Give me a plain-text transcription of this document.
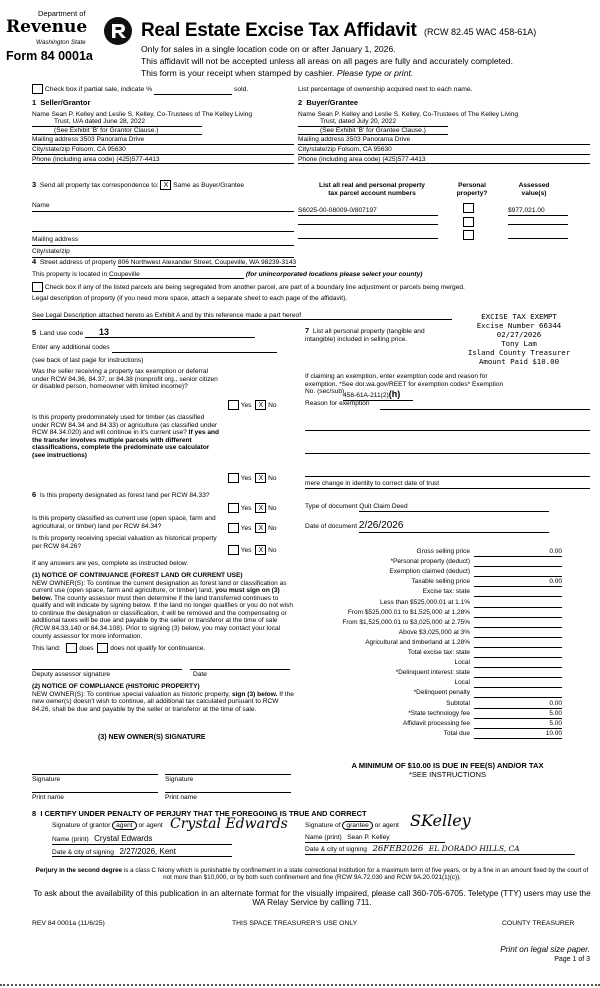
Department of
Revenue
Washington State
Form 84 0001a
Real Estate Excise Tax Affidavit (RCW 82.45 WAC 458-61A)
Only for sales in a single location code on or after January 1, 2026.
This affidavit will not be accepted unless all areas on all pages are fully and accurately completed.
This form is your receipt when stamped by cashier. Please type or print.
Check box if partial sale, indicate %	sold.	List percentage of ownership acquired next to each name.
1 Seller/Grantor
Name Sean P. Kelley and Leslie S. Kelley, Co-Trustees of The Kelley Living
Trust, U/A dated June 28, 2022
(See Exhibit 'B' for Grantor Clause.)
Mailing address 3503 Panorama Drive
City/state/zip Folsom, CA 95630
Phone (including area code) (425)577-4413
2 Buyer/Grantee
Name Sean P. Kelley and Leslie S. Kelley, Co-Trustees of The Kelley Living
Trust, dated July 20, 2022
(See Exhibit 'B' for Grantee Clause.)
Mailing address 3503 Panorama Drive
City/state/zip Folsom, CA 95630
Phone (including area code) (425)577-4413
3 Send all property tax correspondence to: X Same as Buyer/Grantee
Name
Mailing address
City/state/zip
List all real and personal property
tax parcel account numbers
Personal
property?
Assessed
value(s)
S6025-00-08009-0/807197	$977,021.00
4 Street address of property 806 Northwest Alexander Street, Coupeville, WA 98239-3143
This property is located in Coupeville	(for unincorporated locations please select your county)
Check box if any of the listed parcels are being segregated from another parcel, are part of a boundary line adjustment or parcels being merged.
Legal description of property (if you need more space, attach a separate sheet to each page of the affidavit).
See Legal Description attached hereto as Exhibit A and by this reference made a part hereof	EXCISE TAX EXEMPT
Excise Number 66344
02/27/2026
Tony Lam
Island County Treasurer
Amount Paid $10.00
5 Land use code 13
Enter any additional codes
(see back of last page for instructions)
Was the seller receiving a property tax exemption or deferral under RCW 84.36, 84.37, or 84.38 (nonprofit org., senior citizen or disabled person, homeowner with limited income)?
Yes X No
Is this property predominately used for timber (as classified under RCW 84.34 and 84.33) or agriculture (as classified under RCW 84.34.020) and will continue in it's current use? If yes and the transfer involves multiple parcels with different classifications, complete the predominate use calculator (see instructions)
Yes X No
7 List all personal property (tangible and intangible) included in selling price.
If claiming an exemption, enter exemption code and reason for exemption. *See dor.wa.gov/REET for exemption codes* Exemption No. (sec/sub)
458-61A-211(2)(h)
Reason for exemption
mere change in identity to correct date of trust
Type of document Quit Claim Deed
Date of document 2/26/2026
6 Is this property designated as forest land per RCW 84.33?
Yes X No
Is this property classified as current use (open space, farm and agricultural, or timber) land per RCW 84.34?	Yes X No
Is this property receiving special valuation as historical property per RCW 84.26?
Yes X No
If any answers are yes, complete as instructed below.
(1) NOTICE OF CONTINUANCE (FOREST LAND OR CURRENT USE)
NEW OWNER(S): To continue the current designation as forest land or classification as current use (open space, farm and agriculture, or timber) land, you must sign on (3) below. The county assessor must then determine if the land transferred continues to qualify and will indicate by signing below. If the land no longer qualifies or you do not wish to continue the designation or classification, it will be removed and the compensating or additional taxes will be due and payable by the seller or transferor at the time of sale (RCW 84.33.140 or 84.34.108). Prior to signing (3) below, you may contact your local county assessor for more information.
This land:	does	does not qualify for continuance.
Deputy assessor signature	Date
(2) NOTICE OF COMPLIANCE (HISTORIC PROPERTY)
NEW OWNER(S): To continue special valuation as historic property, sign (3) below. If the new owner(s) doesn't wish to continue, all additional tax calculated pursuant to RCW 84.26, shall be due and payable by the seller or transferor at the time of sale.
(3) NEW OWNER(S) SIGNATURE
Signature	Signature
Print name	Print name
Gross selling price	0.00
*Personal property (deduct)
Exemption claimed (deduct)
Taxable selling price	0.00
Excise tax: state
Less than $525,000.01 at 1.1%
From $525,000.01 to $1,525,000 at 1.28%
From $1,525,000.01 to $3,025,000 at 2.75%
Above $3,025,000 at 3%
Agricultural and timberland at 1.28%
Total excise tax: state
Local
*Delinquent interest: state
Local
*Delinquent penalty
Subtotal	0.00
*State technology fee	5.00
Affidavit processing fee	5.00
Total due	10.00
A MINIMUM OF $10.00 IS DUE IN FEE(S) AND/OR TAX
*SEE INSTRUCTIONS
8 I CERTIFY UNDER PENALTY OF PERJURY THAT THE FOREGOING IS TRUE AND CORRECT
Signature of grantor agent or agent Crystal Edwards
Name (print) Crystal Edwards
Date & city of signing 2/27/2026, Kent
Signature of grantee or agent SKelley
Name (print) Sean P. Kelley
Date & city of signing 26FEB2026 EL DORADO HILLS, CA
Perjury in the second degree is a class C felony which is punishable by confinement in a state correctional institution for a maximum term of five years, or by a fine in an amount fixed by the court of not more than $10,000, or by both such confinement and fine (RCW 9A.72.030 and RCW 9A.20.021(1)(c)).
To ask about the availability of this publication in an alternate format for the visually impaired, please call 360-705-6705. Teletype (TTY) users may use the WA Relay Service by calling 711.
REV 84 0001a (11/6/25)	THIS SPACE TREASURER'S USE ONLY	COUNTY TREASURER
Print on legal size paper.
Page 1 of 3
